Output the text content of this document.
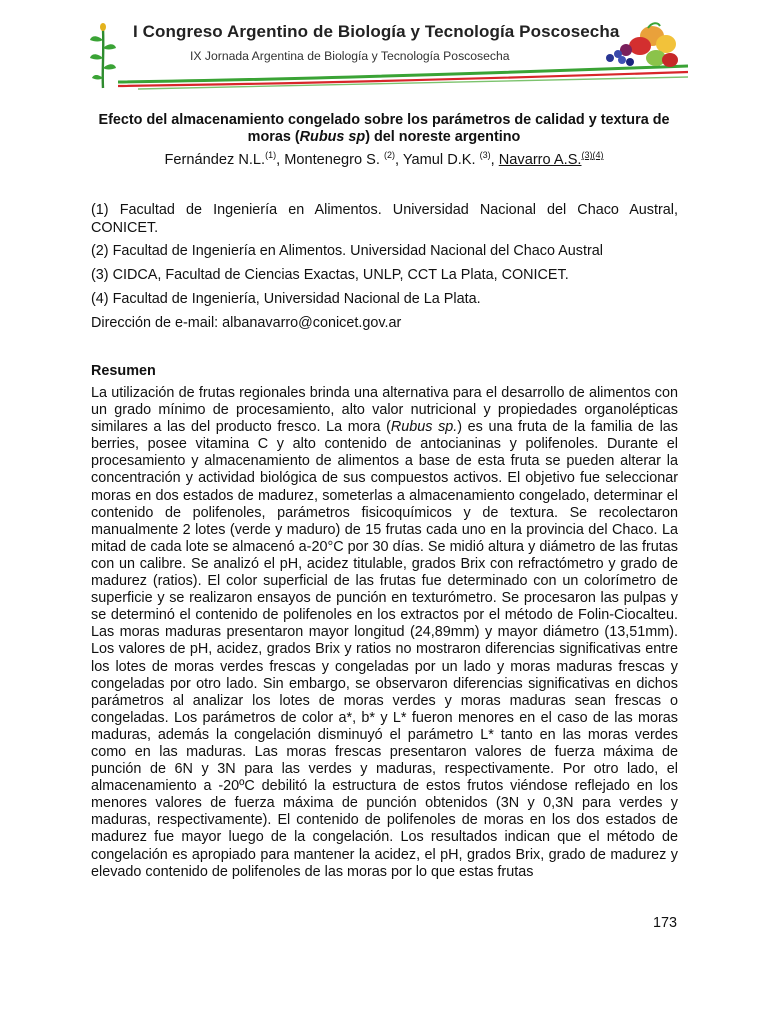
I Congreso Argentino de Biología y Tecnología Poscosecha
IX Jornada Argentina de Biología y Tecnología Poscosecha
Efecto del almacenamiento congelado sobre los parámetros de calidad y textura de moras (Rubus sp) del noreste argentino
Fernández N.L.$^{(1)}$, Montenegro S. $^{(2)}$, Yamul D.K. $^{(3)}$, Navarro A.S.$^{(3)(4)}$
(1) Facultad de Ingeniería en Alimentos. Universidad Nacional del Chaco Austral, CONICET.
(2) Facultad de Ingeniería en Alimentos. Universidad Nacional del Chaco Austral
(3) CIDCA, Facultad de Ciencias Exactas, UNLP, CCT La Plata, CONICET.
(4) Facultad de Ingeniería, Universidad Nacional de La Plata.
Dirección de e-mail: albanavarro@conicet.gov.ar
Resumen
La utilización de frutas regionales brinda una alternativa para el desarrollo de alimentos con un grado mínimo de procesamiento, alto valor nutricional y propiedades organolépticas similares a las del producto fresco. La mora (Rubus sp.) es una fruta de la familia de las berries, posee vitamina C y alto contenido de antocianinas y polifenoles. Durante el procesamiento y almacenamiento de alimentos a base de esta fruta se pueden alterar la concentración y actividad biológica de sus compuestos activos. El objetivo fue seleccionar moras en dos estados de madurez, someterlas a almacenamiento congelado, determinar el contenido de polifenoles, parámetros fisicoquímicos y de textura. Se recolectaron manualmente 2 lotes (verde y maduro) de 15 frutas cada uno en la provincia del Chaco. La mitad de cada lote se almacenó a-20°C por 30 días. Se midió altura y diámetro de las frutas con un calibre. Se analizó el pH, acidez titulable, grados Brix con refractómetro y grado de madurez (ratios). El color superficial de las frutas fue determinado con un colorímetro de superficie y se realizaron ensayos de punción en texturómetro. Se procesaron las pulpas y se determinó el contenido de polifenoles en los extractos por el método de Folin-Ciocalteu. Las moras maduras presentaron mayor longitud (24,89mm) y mayor diámetro (13,51mm). Los valores de pH, acidez, grados Brix y ratios no mostraron diferencias significativas entre los lotes de moras verdes frescas y congeladas por un lado y moras maduras frescas y congeladas por otro lado. Sin embargo, se observaron diferencias significativas en dichos parámetros al analizar los lotes de moras verdes y moras maduras sean frescas o congeladas. Los parámetros de color a*, b* y L* fueron menores en el caso de las moras maduras, además la congelación disminuyó el parámetro L* tanto en las moras verdes como en las maduras. Las moras frescas presentaron valores de fuerza máxima de punción de 6N y 3N para las verdes y maduras, respectivamente. Por otro lado, el almacenamiento a -20ºC debilitó la estructura de estos frutos viéndose reflejado en los menores valores de fuerza máxima de punción obtenidos (3N y 0,3N para verdes y maduras, respectivamente). El contenido de polifenoles de moras en los dos estados de madurez fue mayor luego de la congelación. Los resultados indican que el método de congelación es apropiado para mantener la acidez, el pH, grados Brix, grado de madurez y elevado contenido de polifenoles de las moras por lo que estas frutas
173
